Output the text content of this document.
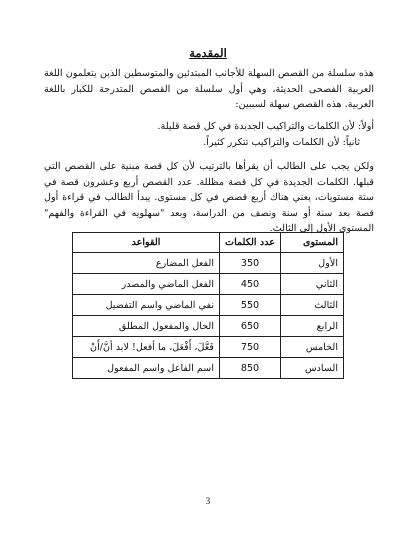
المقدمة
هذه سلسلة من القصص السهلة للأجانب المبتدئين والمتوسطين الذين يتعلمون اللغة العربية الفصحى الحديثة، وهي أول سلسلة من القصص المتدرجة للكبار باللغة العربية. هذه القصص سهلة لسببين:
أولاً: لأن الكلمات والتراكيب الجديدة في كل قصة قليلة.
ثانياً: لأن الكلمات والتراكيب تتكرر كثيراً.
ولكن يجب على الطالب أن يقرأها بالترتيب لأن كل قصة مبنية على القصص التي قبلها. الكلمات الجديدة في كل قصة مظللة. عدد القصص أربع وعشرون قصة في ستة مستويات، يعني هناك أربع قصص في كل مستوى. يبدأ الطالب في قراءة أول قصة بعد سنة أو سنة ونصف من الدراسة، وبعد "سهلويه في القراءة والفهم" المستوى الأول إلى الثالث.
المستوى	عدد الكلمات	القواعد
الأول	350	الفعل المضارع
الثاني	450	الفعل الماضي والمصدر
الثالث	550	نفي الماضي واسم التفضيل
الرابع	650	الحال والمفعول المطلق
الخامس	750	فَعَّلَ، أَفْعَلَ، ما أفعل! لابد أنَّ/أَنْ
السادس	850	اسم الفاعل واسم المفعول
3
